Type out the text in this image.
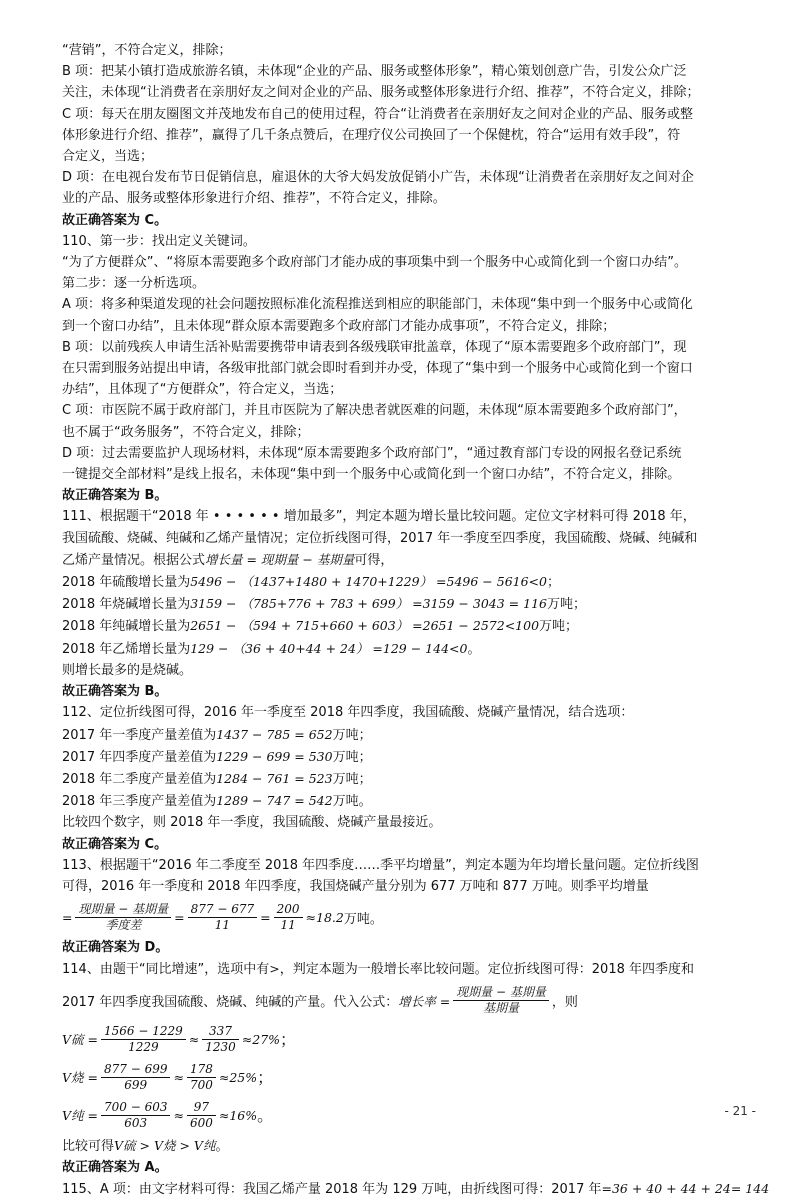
“营销”，不符合定义，排除；
B 项：把某小镇打造成旅游名镇，未体现“企业的产品、服务或整体形象”，精心策划创意广告，引发公众广泛
关注，未体现“让消费者在亲朋好友之间对企业的产品、服务或整体形象进行介绍、推荐”，不符合定义，排除；
C 项：每天在朋友圈图文并茂地发布自己的使用过程，符合“让消费者在亲朋好友之间对企业的产品、服务或整
体形象进行介绍、推荐”，赢得了几千条点赞后，在理疗仪公司换回了一个保健枕，符合“运用有效手段”，符
合定义，当选；
D 项：在电视台发布节日促销信息，雇退休的大爷大妈发放促销小广告，未体现“让消费者在亲朋好友之间对企
业的产品、服务或整体形象进行介绍、推荐”，不符合定义，排除。
故正确答案为 C。
110、第一步：找出定义关键词。
“为了方便群众”、“将原本需要跑多个政府部门才能办成的事项集中到一个服务中心或简化到一个窗口办结”。
第二步：逐一分析选项。
A 项：将多种渠道发现的社会问题按照标准化流程推送到相应的职能部门，未体现“集中到一个服务中心或简化
到一个窗口办结”，且未体现“群众原本需要跑多个政府部门才能办成事项”，不符合定义，排除；
B 项：以前残疾人申请生活补贴需要携带申请表到各级残联审批盖章，体现了“原本需要跑多个政府部门”，现
在只需到服务站提出申请，各级审批部门就会即时看到并办受，体现了“集中到一个服务中心或简化到一个窗口
办结”，且体现了“方便群众”，符合定义，当选；
C 项：市医院不属于政府部门，并且市医院为了解决患者就医难的问题，未体现“原本需要跑多个政府部门”，
也不属于“政务服务”，不符合定义，排除；
D 项：过去需要监护人现场材料，未体现“原本需要跑多个政府部门”，“通过教育部门专设的网报名登记系统
一键提交全部材料”是线上报名，未体现“集中到一个服务中心或简化到一个窗口办结”，不符合定义，排除。
故正确答案为 B。
111、根据题干“2018 年 • • • • • • 增加最多”，判定本题为增长量比较问题。定位文字材料可得 2018 年，
我国硫酸、烧碱、纯碱和乙烯产量情况；定位折线图可得，2017 年一季度至四季度，我国硫酸、烧碱、纯碱和
乙烯产量情况。根据公式增长量 = 现期量 − 基期量可得，
2018 年硫酸增长量为5496 − （1437+1480 + 1470+1229） =5496 − 5616<0；
2018 年烧碱增长量为3159 − （785+776 + 783 + 699） =3159 − 3043 = 116万吨；
2018 年纯碱增长量为2651 − （594 + 715+660 + 603） =2651 − 2572<100万吨；
2018 年乙烯增长量为129 − （36 + 40+44 + 24） =129 − 144<0。
则增长最多的是烧碱。
故正确答案为 B。
112、定位折线图可得，2016 年一季度至 2018 年四季度，我国硫酸、烧碱产量情况，结合选项：
2017 年一季度产量差值为1437 − 785 = 652万吨；
2017 年四季度产量差值为1229 − 699 = 530万吨；
2018 年二季度产量差值为1284 − 761 = 523万吨；
2018 年三季度产量差值为1289 − 747 = 542万吨。
比较四个数字，则 2018 年一季度，我国硫酸、烧碱产量最接近。
故正确答案为 C。
113、根据题干“2016 年二季度至 2018 年四季度……季平均增量”，判定本题为年均增长量问题。定位折线图
可得，2016 年一季度和 2018 年四季度，我国烧碱产量分别为 677 万吨和 877 万吨。则季平均增量
= $\frac{\text{现期量 − 基期量}}{\text{季度差}} = \frac{877 - 677}{11} = \frac{200}{11} \approx 18.2$ 万吨。
故正确答案为 D。
114、由题干“同比增速”，选项中有>，判定本题为一般增长率比较问题。定位折线图可得：2018 年四季度和
2017 年四季度我国硫酸、烧碱、纯碱的产量。代入公式： 增长率 = $\frac{\text{现期量 − 基期量}}{\text{基期量}}$ ，则
V硫 = $\frac{1566 - 1229}{1229} \approx \frac{337}{1230} \approx 27\%$ ；
V烧 = $\frac{877 - 699}{699} \approx \frac{178}{700} \approx 25\%$ ；
V纯 = $\frac{700 - 603}{603} \approx \frac{97}{600} \approx 16\%$ 。
比较可得V硫 > V烧 > V纯。
故正确答案为 A。
115、A 项：由文字材料可得：我国乙烯产量 2018 年为 129 万吨，由折线图可得：2017 年=36 + 40 + 44 + 24= 144
- 21 -
